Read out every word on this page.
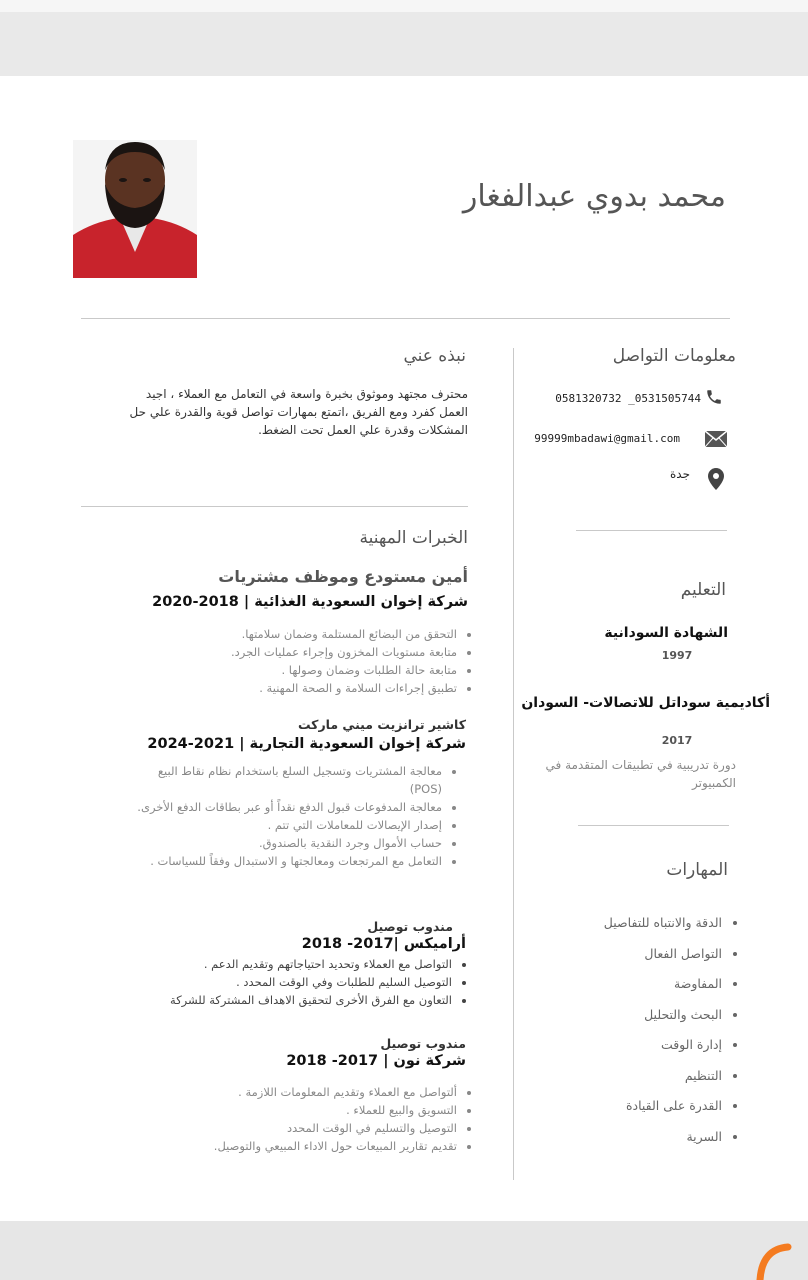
محمد بدوي عبدالفغار
معلومات التواصل
0581320732 _0531505744
99999mbadawi@gmail.com
جدة
التعليم
الشهادة السودانية
1997
أكاديمية سوداتل للاتصالات- السودان
2017
دورة تدريبية في تطبيقات المتقدمة في الكمبيوتر
المهارات
• الدقة والانتباه للتفاصيل
• التواصل الفعال
• المفاوضة
• البحث والتحليل
• إدارة الوقت
• التنظيم
• القدرة على القيادة
• السرية
نبذه عني
محترف مجتهد وموثوق بخبرة واسعة في التعامل مع العملاء ، اجيد
العمل كفرد ومع الفريق ،اتمتع بمهارات تواصل قوية والقدرة علي حل
المشكلات وقدرة علي العمل تحت الضغط.
الخبرات المهنية
أمين مستودع وموظف مشتريات
شركة إخوان السعودية الغذائية | 2018-2020
• التحقق من البضائع المستلمة وضمان سلامتها.
• متابعة مستويات المخزون وإجراء عمليات الجرد.
• متابعة حالة الطلبات وضمان وصولها .
• تطبيق إجراءات السلامة و الصحة المهنية .
كاشير ترانزيت ميني ماركت
شركة إخوان السعودية التجارية | 2021-2024
• معالجة المشتريات وتسجيل السلع باستخدام نظام نقاط البيع (POS)
• معالجة المدفوعات قبول الدفع نقداً أو عبر بطاقات الدفع الأخرى.
• إصدار الإيصالات للمعاملات التي تتم .
• حساب الأموال وجرد النقدية بالصندوق.
• التعامل مع المرتجعات ومعالجتها و الاستبدال وفقاً للسياسات .
مندوب توصيل
أراميكس |2017- 2018
• التواصل مع العملاء وتحديد احتياجاتهم وتقديم الدعم .
• التوصيل السليم للطلبات وفي الوقت المحدد .
• التعاون مع الفرق الأخرى لتحقيق الاهداف المشتركة للشركة
مندوب توصيل
شركة نون | 2017- 2018
• ألتواصل مع العملاء وتقديم المعلومات اللازمة .
• التسويق والبيع للعملاء .
• التوصيل والتسليم في الوقت المحدد
• تقديم تقارير المبيعات حول الاداء المبيعي والتوصيل.
